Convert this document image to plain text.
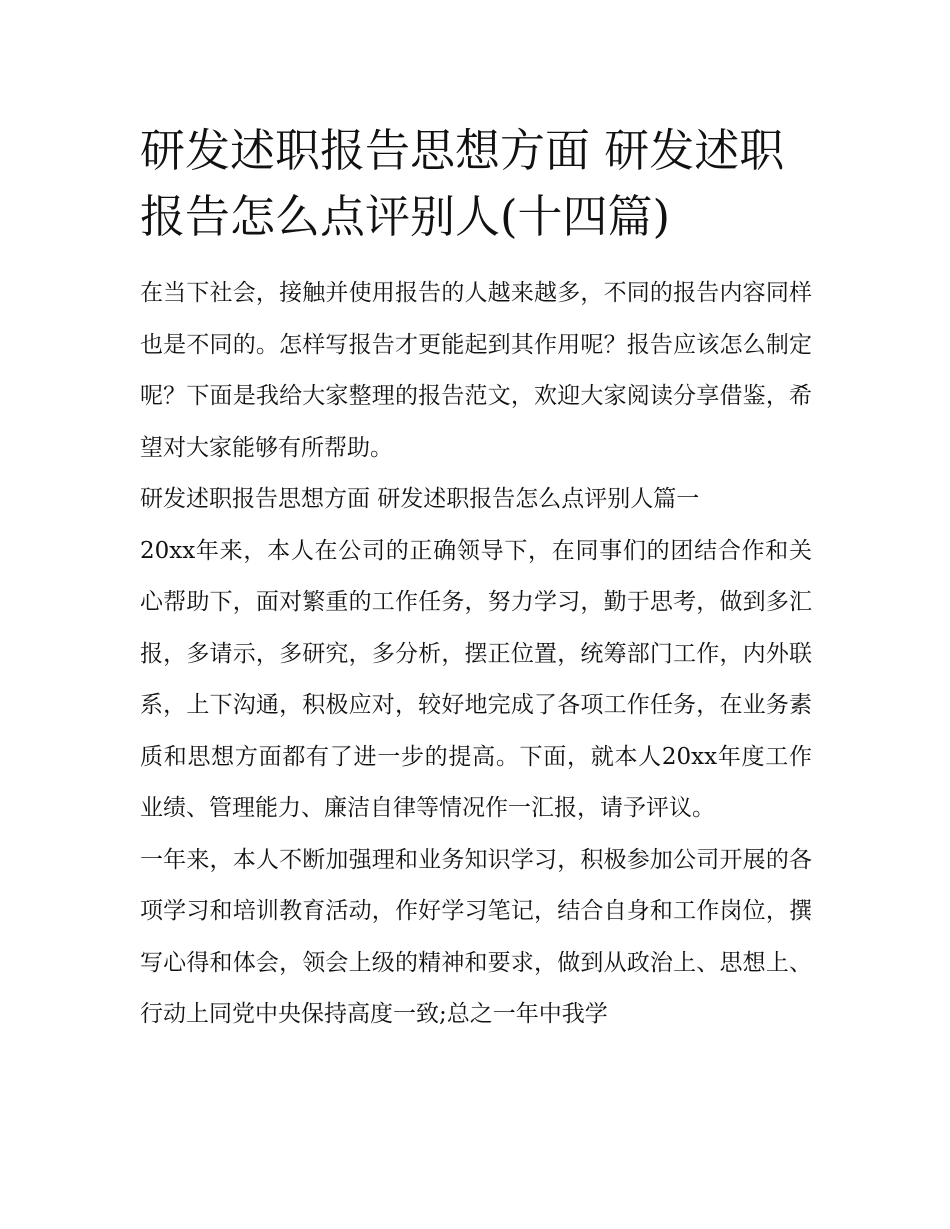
研发述职报告思想方面 研发述职报告怎么点评别人(十四篇)

在当下社会，接触并使用报告的人越来越多，不同的报告内容同样也是不同的。怎样写报告才更能起到其作用呢？报告应该怎么制定呢？下面是我给大家整理的报告范文，欢迎大家阅读分享借鉴，希望对大家能够有所帮助。

研发述职报告思想方面 研发述职报告怎么点评别人篇一

20xx年来，本人在公司的正确领导下，在同事们的团结合作和关心帮助下，面对繁重的工作任务，努力学习，勤于思考，做到多汇报，多请示，多研究，多分析，摆正位置，统筹部门工作，内外联系，上下沟通，积极应对，较好地完成了各项工作任务，在业务素质和思想方面都有了进一步的提高。下面，就本人20xx年度工作业绩、管理能力、廉洁自律等情况作一汇报，请予评议。

一年来，本人不断加强理和业务知识学习，积极参加公司开展的各项学习和培训教育活动，作好学习笔记，结合自身和工作岗位，撰写心得和体会，领会上级的精神和要求，做到从政治上、思想上、行动上同党中央保持高度一致;总之一年中我学
